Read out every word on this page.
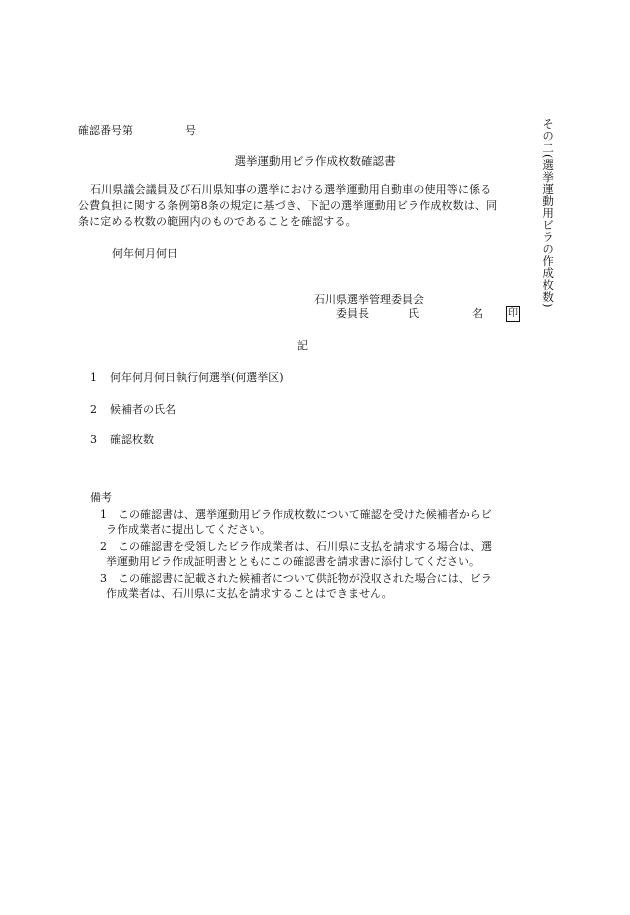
その二(選挙運動用ビラの作成枚数)
確認番号第	号
選挙運動用ビラ作成枚数確認書
石川県議会議員及び石川県知事の選挙における選挙運動用自動車の使用等に係る
公費負担に関する条例第8条の規定に基づき、下記の選挙運動用ビラ作成枚数は、同
条に定める枚数の範囲内のものであることを確認する。
何年何月何日
石川県選挙管理委員会
委員長	氏	名	印
記
1 何年何月何日執行何選挙(何選挙区)
2 候補者の氏名
3 確認枚数
備考
1　 この確認書は、選挙運動用ビラ作成枚数について確認を受けた候補者からビ
ラ作成業者に提出してください。
2　 この確認書を受領したビラ作成業者は、石川県に支払を請求する場合は、選
挙運動用ビラ作成証明書とともにこの確認書を請求書に添付してください。
3　 この確認書に記載された候補者について供託物が没収された場合には、ビラ
作成業者は、石川県に支払を請求することはできません。
